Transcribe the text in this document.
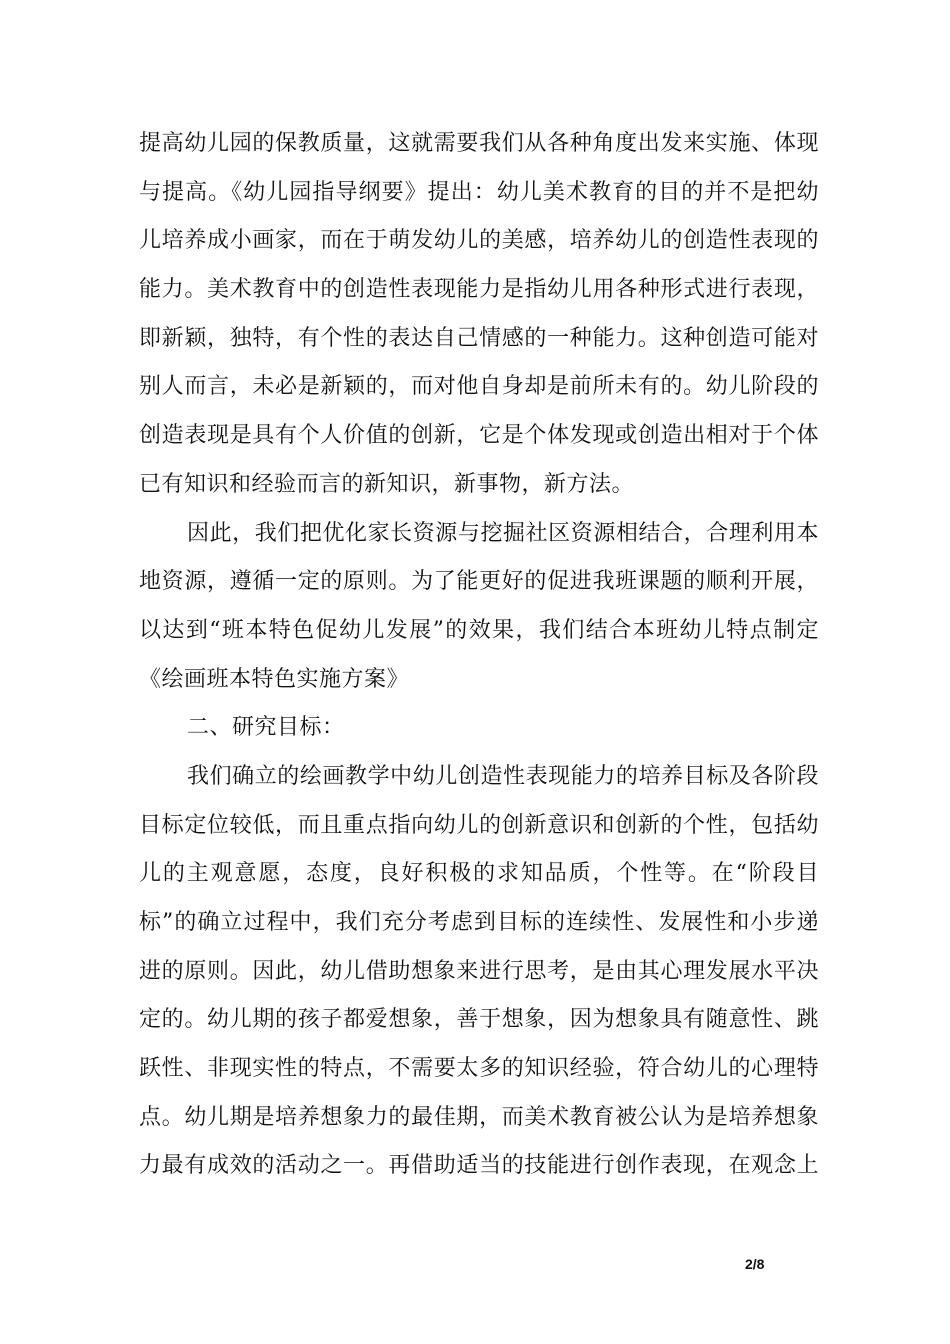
提高幼儿园的保教质量，这就需要我们从各种角度出发来实施、体现
与提高。《幼儿园指导纲要》提出：幼儿美术教育的目的并不是把幼
儿培养成小画家，而在于萌发幼儿的美感，培养幼儿的创造性表现的
能力。美术教育中的创造性表现能力是指幼儿用各种形式进行表现，
即新颖，独特，有个性的表达自己情感的一种能力。这种创造可能对
别人而言，未必是新颖的，而对他自身却是前所未有的。幼儿阶段的
创造表现是具有个人价值的创新，它是个体发现或创造出相对于个体
已有知识和经验而言的新知识，新事物，新方法。
因此，我们把优化家长资源与挖掘社区资源相结合，合理利用本
地资源，遵循一定的原则。为了能更好的促进我班课题的顺利开展，
以达到“班本特色促幼儿发展”的效果，我们结合本班幼儿特点制定
《绘画班本特色实施方案》
二、研究目标：
我们确立的绘画教学中幼儿创造性表现能力的培养目标及各阶段
目标定位较低，而且重点指向幼儿的创新意识和创新的个性，包括幼
儿的主观意愿，态度，良好积极的求知品质，个性等。在“阶段目
标”的确立过程中，我们充分考虑到目标的连续性、发展性和小步递
进的原则。因此，幼儿借助想象来进行思考，是由其心理发展水平决
定的。幼儿期的孩子都爱想象，善于想象，因为想象具有随意性、跳
跃性、非现实性的特点，不需要太多的知识经验，符合幼儿的心理特
点。幼儿期是培养想象力的最佳期，而美术教育被公认为是培养想象
力最有成效的活动之一。再借助适当的技能进行创作表现，在观念上
2/8
